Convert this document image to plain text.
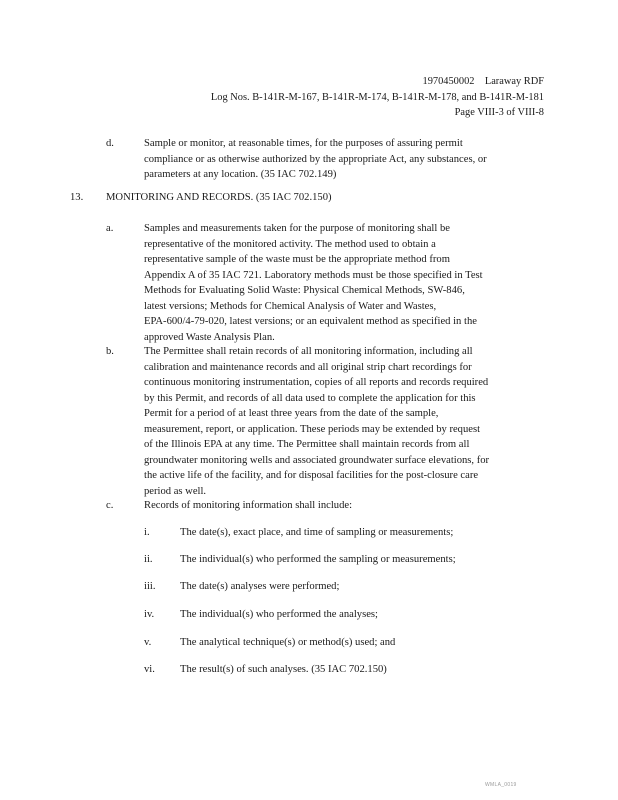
1970450002    Laraway RDF
Log Nos. B-141R-M-167, B-141R-M-174, B-141R-M-178, and B-141R-M-181
Page VIII-3 of VIII-8
d.	Sample or monitor, at reasonable times, for the purposes of assuring permit
compliance or as otherwise authorized by the appropriate Act, any substances, or
parameters at any location. (35 IAC 702.149)
13. MONITORING AND RECORDS. (35 IAC 702.150)
a.	Samples and measurements taken for the purpose of monitoring shall be
representative of the monitored activity. The method used to obtain a
representative sample of the waste must be the appropriate method from
Appendix A of 35 IAC 721. Laboratory methods must be those specified in Test
Methods for Evaluating Solid Waste: Physical Chemical Methods, SW-846,
latest versions; Methods for Chemical Analysis of Water and Wastes,
EPA-600/4-79-020, latest versions; or an equivalent method as specified in the
approved Waste Analysis Plan.
b.	The Permittee shall retain records of all monitoring information, including all
calibration and maintenance records and all original strip chart recordings for
continuous monitoring instrumentation, copies of all reports and records required
by this Permit, and records of all data used to complete the application for this
Permit for a period of at least three years from the date of the sample,
measurement, report, or application. These periods may be extended by request
of the Illinois EPA at any time. The Permittee shall maintain records from all
groundwater monitoring wells and associated groundwater surface elevations, for
the active life of the facility, and for disposal facilities for the post-closure care
period as well.
c.	Records of monitoring information shall include:
i.	The date(s), exact place, and time of sampling or measurements;
ii.	The individual(s) who performed the sampling or measurements;
iii. The date(s) analyses were performed;
iv. The individual(s) who performed the analyses;
v.	The analytical technique(s) or method(s) used; and
vi. The result(s) of such analyses. (35 IAC 702.150)
WMLA_0019
